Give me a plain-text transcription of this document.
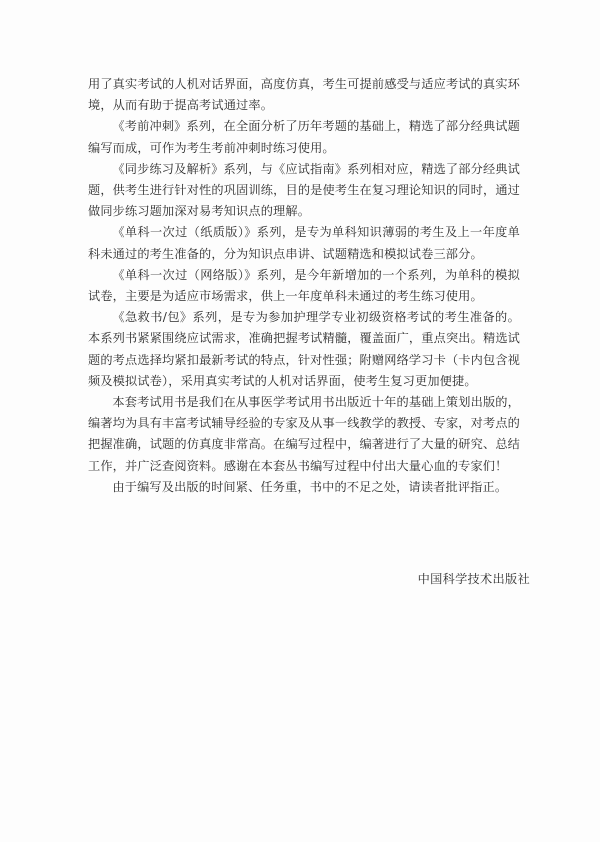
用了真实考试的人机对话界面，高度仿真，考生可提前感受与适应考试的真实环境，从而有助于提高考试通过率。

《考前冲刺》系列，在全面分析了历年考题的基础上，精选了部分经典试题编写而成，可作为考生考前冲刺时练习使用。

《同步练习及解析》系列，与《应试指南》系列相对应，精选了部分经典试题，供考生进行针对性的巩固训练，目的是使考生在复习理论知识的同时，通过做同步练习题加深对易考知识点的理解。

《单科一次过（纸质版）》系列，是专为单科知识薄弱的考生及上一年度单科未通过的考生准备的，分为知识点串讲、试题精选和模拟试卷三部分。

《单科一次过（网络版）》系列，是今年新增加的一个系列，为单科的模拟试卷，主要是为适应市场需求，供上一年度单科未通过的考生练习使用。

《急救书/包》系列，是专为参加护理学专业初级资格考试的考生准备的。本系列书紧紧围绕应试需求，准确把握考试精髓，覆盖面广，重点突出。精选试题的考点选择均紧扣最新考试的特点，针对性强；附赠网络学习卡（卡内包含视频及模拟试卷），采用真实考试的人机对话界面，使考生复习更加便捷。

本套考试用书是我们在从事医学考试用书出版近十年的基础上策划出版的，编著均为具有丰富考试辅导经验的专家及从事一线教学的教授、专家，对考点的把握准确，试题的仿真度非常高。在编写过程中，编著进行了大量的研究、总结工作，并广泛查阅资料。感谢在本套丛书编写过程中付出大量心血的专家们！

由于编写及出版的时间紧、任务重，书中的不足之处，请读者批评指正。

中国科学技术出版社
